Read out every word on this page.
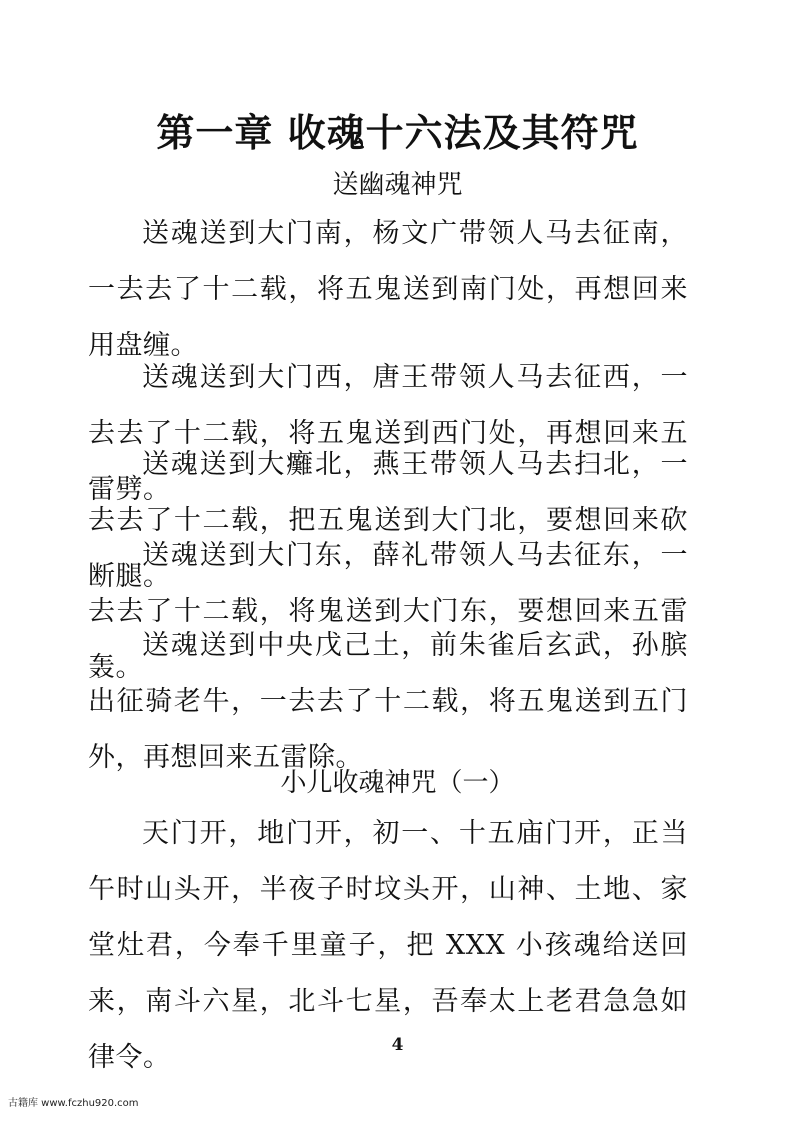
第一章 收魂十六法及其符咒
送幽魂神咒
送魂送到大门南，杨文广带领人马去征南，一去去了十二载，将五鬼送到南门处，再想回来用盘缠。
送魂送到大门西，唐王带领人马去征西，一去去了十二载，将五鬼送到西门处，再想回来五雷劈。
送魂送到大癱北，燕王带领人马去扫北，一去去了十二载，把五鬼送到大门北，要想回来砍断腿。
送魂送到大门东，薛礼带领人马去征东，一去去了十二载，将鬼送到大门东，要想回来五雷轰。
送魂送到中央戊己土，前朱雀后玄武，孙膑出征骑老牛，一去去了十二载，将五鬼送到五门外，再想回来五雷除。
小儿收魂神咒（一）
天门开，地门开，初一、十五庙门开，正当午时山头开，半夜子时坟头开，山神、土地、家堂灶君，今奉千里童子，把 XXX 小孩魂给送回来，南斗六星，北斗七星，吾奉太上老君急急如律令。	4
古籍库 www.fczhu920.com
